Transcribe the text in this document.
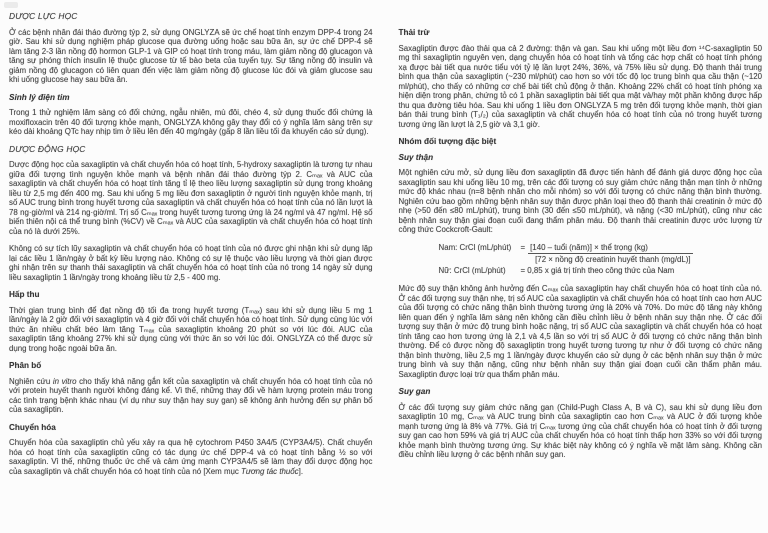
DƯỢC LỰC HỌC

Ở các bệnh nhân đái tháo đường týp 2, sử dụng ONGLYZA sẽ ức chế hoạt tính enzym DPP-4 trong 24 giờ. Sau khi sử dụng nghiệm pháp glucose qua đường uống hoặc sau bữa ăn, sự ức chế DPP-4 sẽ làm tăng 2-3 lần nồng độ hormon GLP-1 và GIP có hoạt tính trong máu, làm giảm nồng độ glucagon và tăng sự phóng thích insulin lệ thuộc glucose từ tế bào beta của tuyến tụy. Sự tăng nồng độ insulin và giảm nồng độ glucagon có liên quan đến việc làm giảm nồng độ glucose lúc đói và giảm glucose sau khi uống glucose hay sau bữa ăn.

Sinh lý điện tim

Trong 1 thử nghiệm lâm sàng có đối chứng, ngẫu nhiên, mù đôi, chéo 4, sử dụng thuốc đối chứng là moxifloxacin trên 40 đối tượng khỏe mạnh, ONGLYZA không gây thay đổi có ý nghĩa lâm sàng trên sự kéo dài khoảng QTc hay nhịp tim ở liều lên đến 40 mg/ngày (gấp 8 lần liều tối đa khuyến cáo sử dụng).

DƯỢC ĐỘNG HỌC

Dược động học của saxagliptin và chất chuyển hóa có hoạt tính, 5-hydroxy saxagliptin là tương tự nhau giữa đối tượng tình nguyện khỏe mạnh và bệnh nhân đái tháo đường týp 2. Cₘₐₓ và AUC của saxagliptin và chất chuyển hóa có hoạt tính tăng tỉ lệ theo liều lượng saxagliptin sử dụng trong khoảng liều từ 2,5 mg đến 400 mg. Sau khi uống 5 mg liều đơn saxagliptin ở người tình nguyện khỏe mạnh, trị số AUC trung bình trong huyết tương của saxagliptin và chất chuyển hóa có hoạt tính của nó lần lượt là 78 ng·giờ/ml và 214 ng·giờ/ml. Trị số Cₘₐₓ trong huyết tương tương ứng là 24 ng/ml và 47 ng/ml. Hệ số biến thiên nội cá thể trung bình (%CV) về Cₘₐₓ và AUC của saxagliptin và chất chuyển hóa có hoạt tính của nó là dưới 25%.

Không có sự tích lũy saxagliptin và chất chuyển hóa có hoạt tính của nó được ghi nhận khi sử dụng lặp lại các liều 1 lần/ngày ở bất kỳ liều lượng nào. Không có sự lệ thuộc vào liều lượng và thời gian được ghi nhận trên sự thanh thải saxagliptin và chất chuyển hóa có hoạt tính của nó trong 14 ngày sử dụng liều saxagliptin 1 lần/ngày trong khoảng liều từ 2,5 - 400 mg.

Hấp thu

Thời gian trung bình để đạt nồng độ tối đa trong huyết tương (Tₘₐₓ) sau khi sử dụng liều 5 mg 1 lần/ngày là 2 giờ đối với saxagliptin và 4 giờ đối với chất chuyển hóa có hoạt tính. Sử dụng cùng lúc với thức ăn nhiều chất béo làm tăng Tₘₐₓ của saxagliptin khoảng 20 phút so với lúc đói. AUC của saxagliptin tăng khoảng 27% khi sử dụng cùng với thức ăn so với lúc đói. ONGLYZA có thể được sử dụng trong hoặc ngoài bữa ăn.

Phân bố

Nghiên cứu in vitro cho thấy khả năng gắn kết của saxagliptin và chất chuyển hóa có hoạt tính của nó với protein huyết thanh người không đáng kể. Vì thế, những thay đổi về hàm lượng protein máu trong các tình trạng bệnh khác nhau (ví dụ như suy thận hay suy gan) sẽ không ảnh hưởng đến sự phân bố của saxagliptin.

Chuyển hóa

Chuyển hóa của saxagliptin chủ yếu xảy ra qua hệ cytochrom P450 3A4/5 (CYP3A4/5). Chất chuyển hóa có hoạt tính của saxagliptin cũng có tác dụng ức chế DPP-4 và có hoạt tính bằng ½ so với saxagliptin. Vì thế, những thuốc ức chế và cảm ứng mạnh CYP3A4/5 sẽ làm thay đổi dược động học của saxagliptin và chất chuyển hóa có hoạt tính của nó [Xem mục Tương tác thuốc].

Thải trừ

Saxagliptin được đào thải qua cả 2 đường: thận và gan. Sau khi uống một liều đơn ¹⁴C-saxagliptin 50 mg thì saxagliptin nguyên vẹn, dạng chuyển hóa có hoạt tính và tổng các hợp chất có hoạt tính phóng xạ được bài tiết qua nước tiểu với tỷ lệ lần lượt 24%, 36%, và 75% liều sử dụng. Độ thanh thải trung bình qua thận của saxagliptin (~230 ml/phút) cao hơn so với tốc độ lọc trung bình qua cầu thận (~120 ml/phút), cho thấy có những cơ chế bài tiết chủ động ở thận. Khoảng 22% chất có hoạt tính phóng xạ hiện diện trong phân, chứng tỏ có 1 phần saxagliptin bài tiết qua mật và/hay một phần không được hấp thu qua đường tiêu hóa. Sau khi uống 1 liều đơn ONGLYZA 5 mg trên đối tượng khỏe mạnh, thời gian bán thải trung bình (T₁/₂) của saxagliptin và chất chuyển hóa có hoạt tính của nó trong huyết tương tương ứng lần lượt là 2,5 giờ và 3,1 giờ.

Nhóm đối tượng đặc biệt
Suy thận

Một nghiên cứu mở, sử dụng liều đơn saxagliptin đã được tiến hành để đánh giá dược động học của saxagliptin sau khi uống liều 10 mg, trên các đối tượng có suy giảm chức năng thận mạn tính ở những mức độ khác nhau (n=8 bệnh nhân cho mỗi nhóm) so với đối tượng có chức năng thận bình thường. Nghiên cứu bao gồm những bệnh nhân suy thận được phân loại theo độ thanh thải creatinin ở mức độ nhẹ (>50 đến ≤80 mL/phút), trung bình (30 đến ≤50 mL/phút), và nặng (<30 mL/phút), cũng như các bệnh nhân suy thận giai đoạn cuối đang thẩm phân máu. Độ thanh thải creatinin được ước lượng từ công thức Cockcroft-Gault:

Nam: CrCl (mL/phút)	= $\frac{\text{[140 – tuổi (năm)] × thể trọng (kg)}}{\text{[72 × nồng độ creatinin huyết thanh (mg/dL)]}}$
Nữ: CrCl (mL/phút)	= 0,85 x giá trị tính theo công thức của Nam

Mức độ suy thận không ảnh hưởng đến Cₘₐₓ của saxagliptin hay chất chuyển hóa có hoạt tính của nó. Ở các đối tượng suy thận nhẹ, trị số AUC của saxagliptin và chất chuyển hóa có hoạt tính cao hơn AUC của đối tượng có chức năng thận bình thường tương ứng là 20% và 70%. Do mức độ tăng này không liên quan đến ý nghĩa lâm sàng nên không cần điều chỉnh liều ở bệnh nhân suy thận nhẹ. Ở các đối tượng suy thận ở mức độ trung bình hoặc nặng, trị số AUC của saxagliptin và chất chuyển hóa có hoạt tính tăng cao hơn tương ứng là 2,1 và 4,5 lần so với trị số AUC ở đối tượng có chức năng thận bình thường. Để có được nồng độ saxagliptin trong huyết tương tương tự như ở đối tượng có chức năng thận bình thường, liều 2,5 mg 1 lần/ngày được khuyến cáo sử dụng ở các bệnh nhân suy thận ở mức trung bình và suy thận nặng, cũng như bệnh nhân suy thận giai đoạn cuối cần thẩm phân máu. Saxagliptin được loại trừ qua thẩm phân máu.

Suy gan

Ở các đối tượng suy giảm chức năng gan (Child-Pugh Class A, B và C), sau khi sử dụng liều đơn saxagliptin 10 mg, Cₘₐₓ và AUC trung bình của saxagliptin cao hơn Cₘₐₓ và AUC ở đối tượng khỏe mạnh tương ứng là 8% và 77%. Giá trị Cₘₐₓ tương ứng của chất chuyển hóa có hoạt tính ở đối tượng suy gan cao hơn 59% và giá trị AUC của chất chuyển hóa có hoạt tính thấp hơn 33% so với đối tượng khỏe mạnh bình thường tương ứng. Sự khác biệt này không có ý nghĩa về mặt lâm sàng. Không cần điều chỉnh liều lượng ở các bệnh nhân suy gan.
